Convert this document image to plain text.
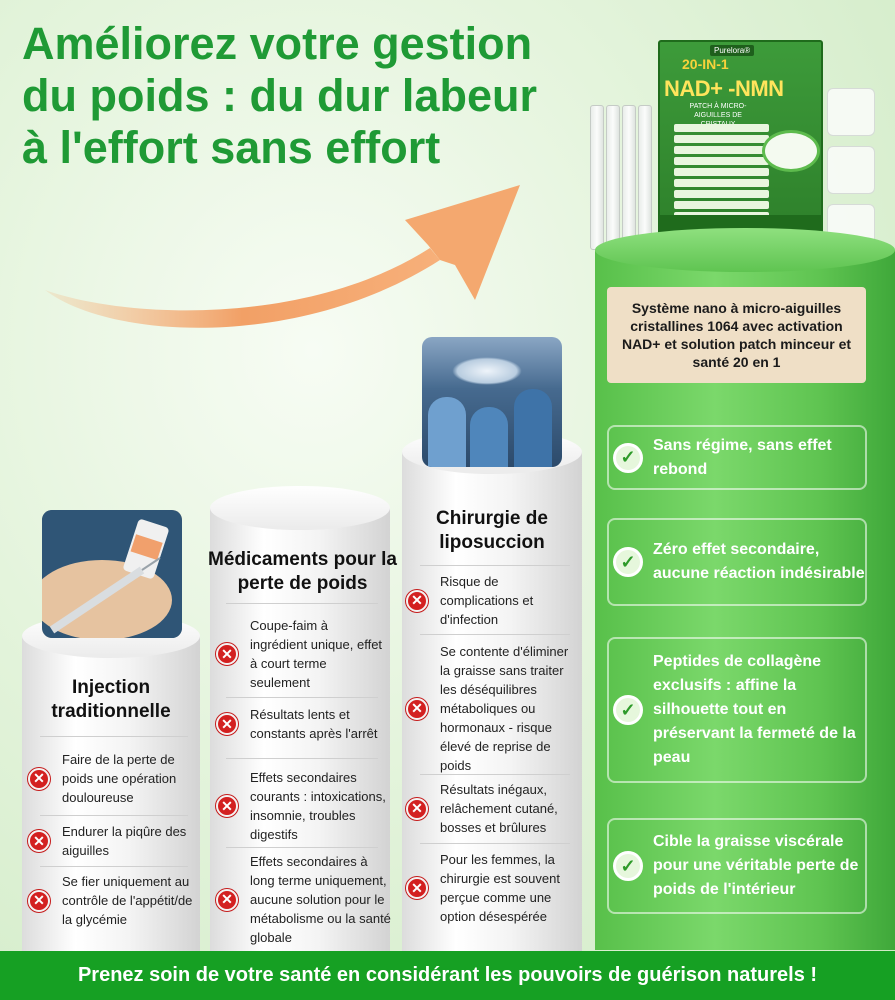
Améliorez votre gestion
du poids : du dur labeur
à l'effort sans effort
Purelora®
20-IN-1
NAD+ -NMN
PATCH À MICRO-AIGUILLES DE
Injection traditionnelle
✕
Faire de la perte de poids une opération douloureuse
✕
Endurer la piqûre des aiguilles
✕
Se fier uniquement au contrôle de l'appétit/de la glycémie
Médicaments pour la perte de poids
✕
Coupe-faim à ingrédient unique, effet à court terme seulement
✕
Résultats lents et constants après l'arrêt
✕
Effets secondaires courants : intoxications, insomnie, troubles digestifs
✕
Effets secondaires à long terme uniquement, aucune solution pour le métabolisme ou la santé globale
Chirurgie de liposuccion
✕
Risque de complications et d'infection
✕
Se contente d'éliminer la graisse sans traiter les déséquilibres métaboliques ou hormonaux - risque élevé de reprise de poids
✕
Résultats inégaux, relâchement cutané, bosses et brûlures
✕
Pour les femmes, la chirurgie est souvent perçue comme une option désespérée
Système nano à micro-aiguilles cristallines 1064 avec activation NAD+ et solution patch minceur et santé 20 en 1
✓
Sans régime, sans effet rebond
✓
Zéro effet secondaire, aucune réaction indésirable
✓
Peptides de collagène exclusifs : affine la silhouette tout en préservant la fermeté de la peau
✓
Cible la graisse viscérale pour une véritable perte de poids de l'intérieur
Prenez soin de votre santé en considérant les pouvoirs de guérison naturels !
